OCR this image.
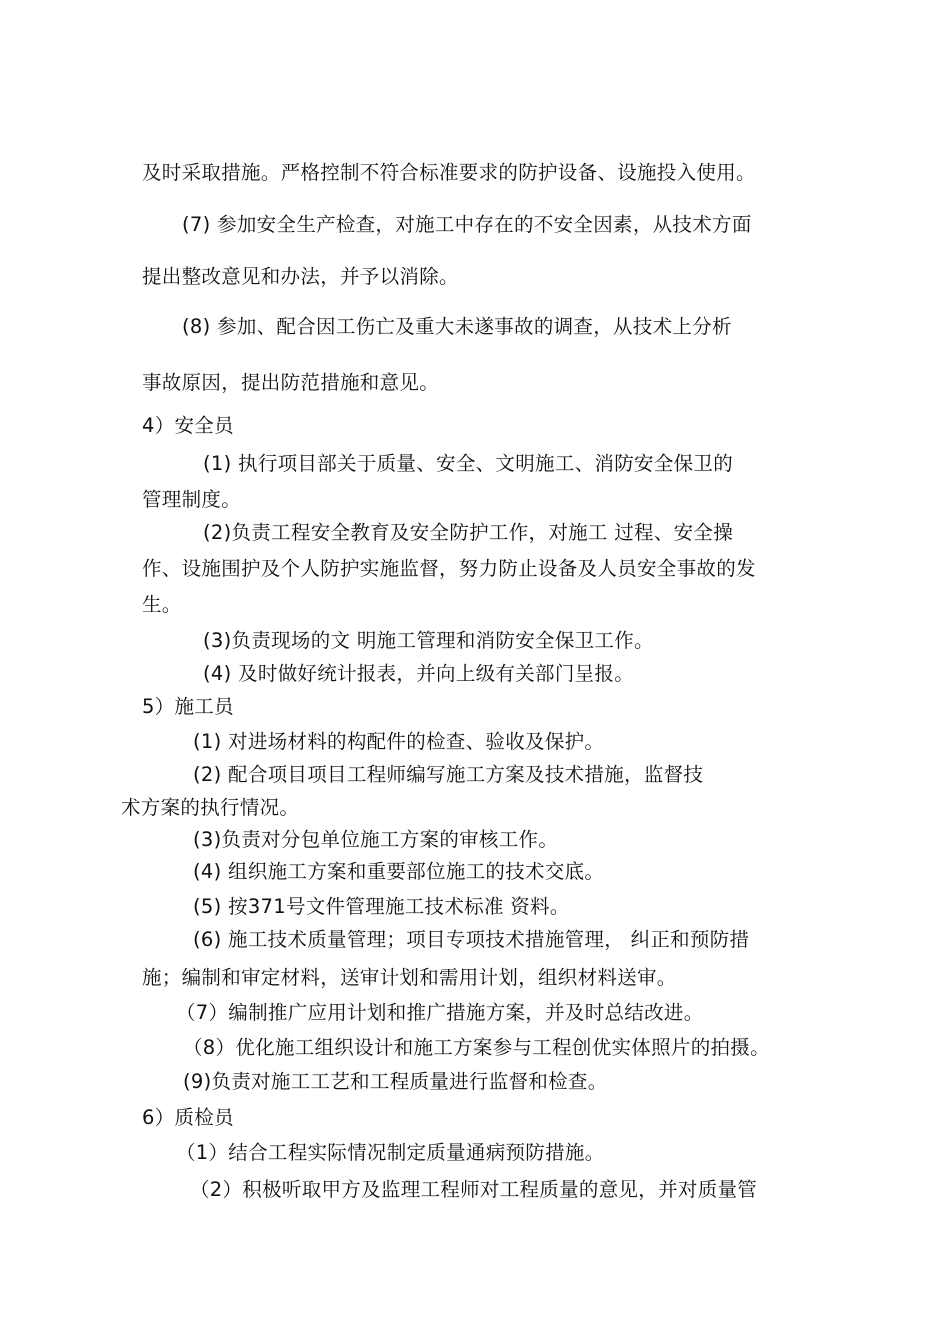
及时采取措施。严格控制不符合标准要求的防护设备、设施投入使用。
(7) 参加安全生产检查，对施工中存在的不安全因素，从技术方面
提出整改意见和办法，并予以消除。
(8) 参加、配合因工伤亡及重大未遂事故的调查，从技术上分析
事故原因，提出防范措施和意见。
4）安全员
(1) 执行项目部关于质量、安全、文明施工、消防安全保卫的
管理制度。
(2)负责工程安全教育及安全防护工作，对施工 过程、安全操
作、设施围护及个人防护实施监督，努力防止设备及人员安全事故的发
生。
(3)负责现场的文 明施工管理和消防安全保卫工作。
(4) 及时做好统计报表，并向上级有关部门呈报。
5）施工员
(1) 对进场材料的构配件的检查、验收及保护。
(2) 配合项目项目工程师编写施工方案及技术措施，监督技
术方案的执行情况。
(3)负责对分包单位施工方案的审核工作。
(4) 组织施工方案和重要部位施工的技术交底。
(5) 按371号文件管理施工技术标准 资料。
(6) 施工技术质量管理；项目专项技术措施管理， 纠正和预防措
施；编制和审定材料，送审计划和需用计划，组织材料送审。
（7）编制推广应用计划和推广措施方案，并及时总结改进。
（8）优化施工组织设计和施工方案参与工程创优实体照片的拍摄。
(9)负责对施工工艺和工程质量进行监督和检查。
6）质检员
（1）结合工程实际情况制定质量通病预防措施。
（2）积极听取甲方及监理工程师对工程质量的意见，并对质量管
